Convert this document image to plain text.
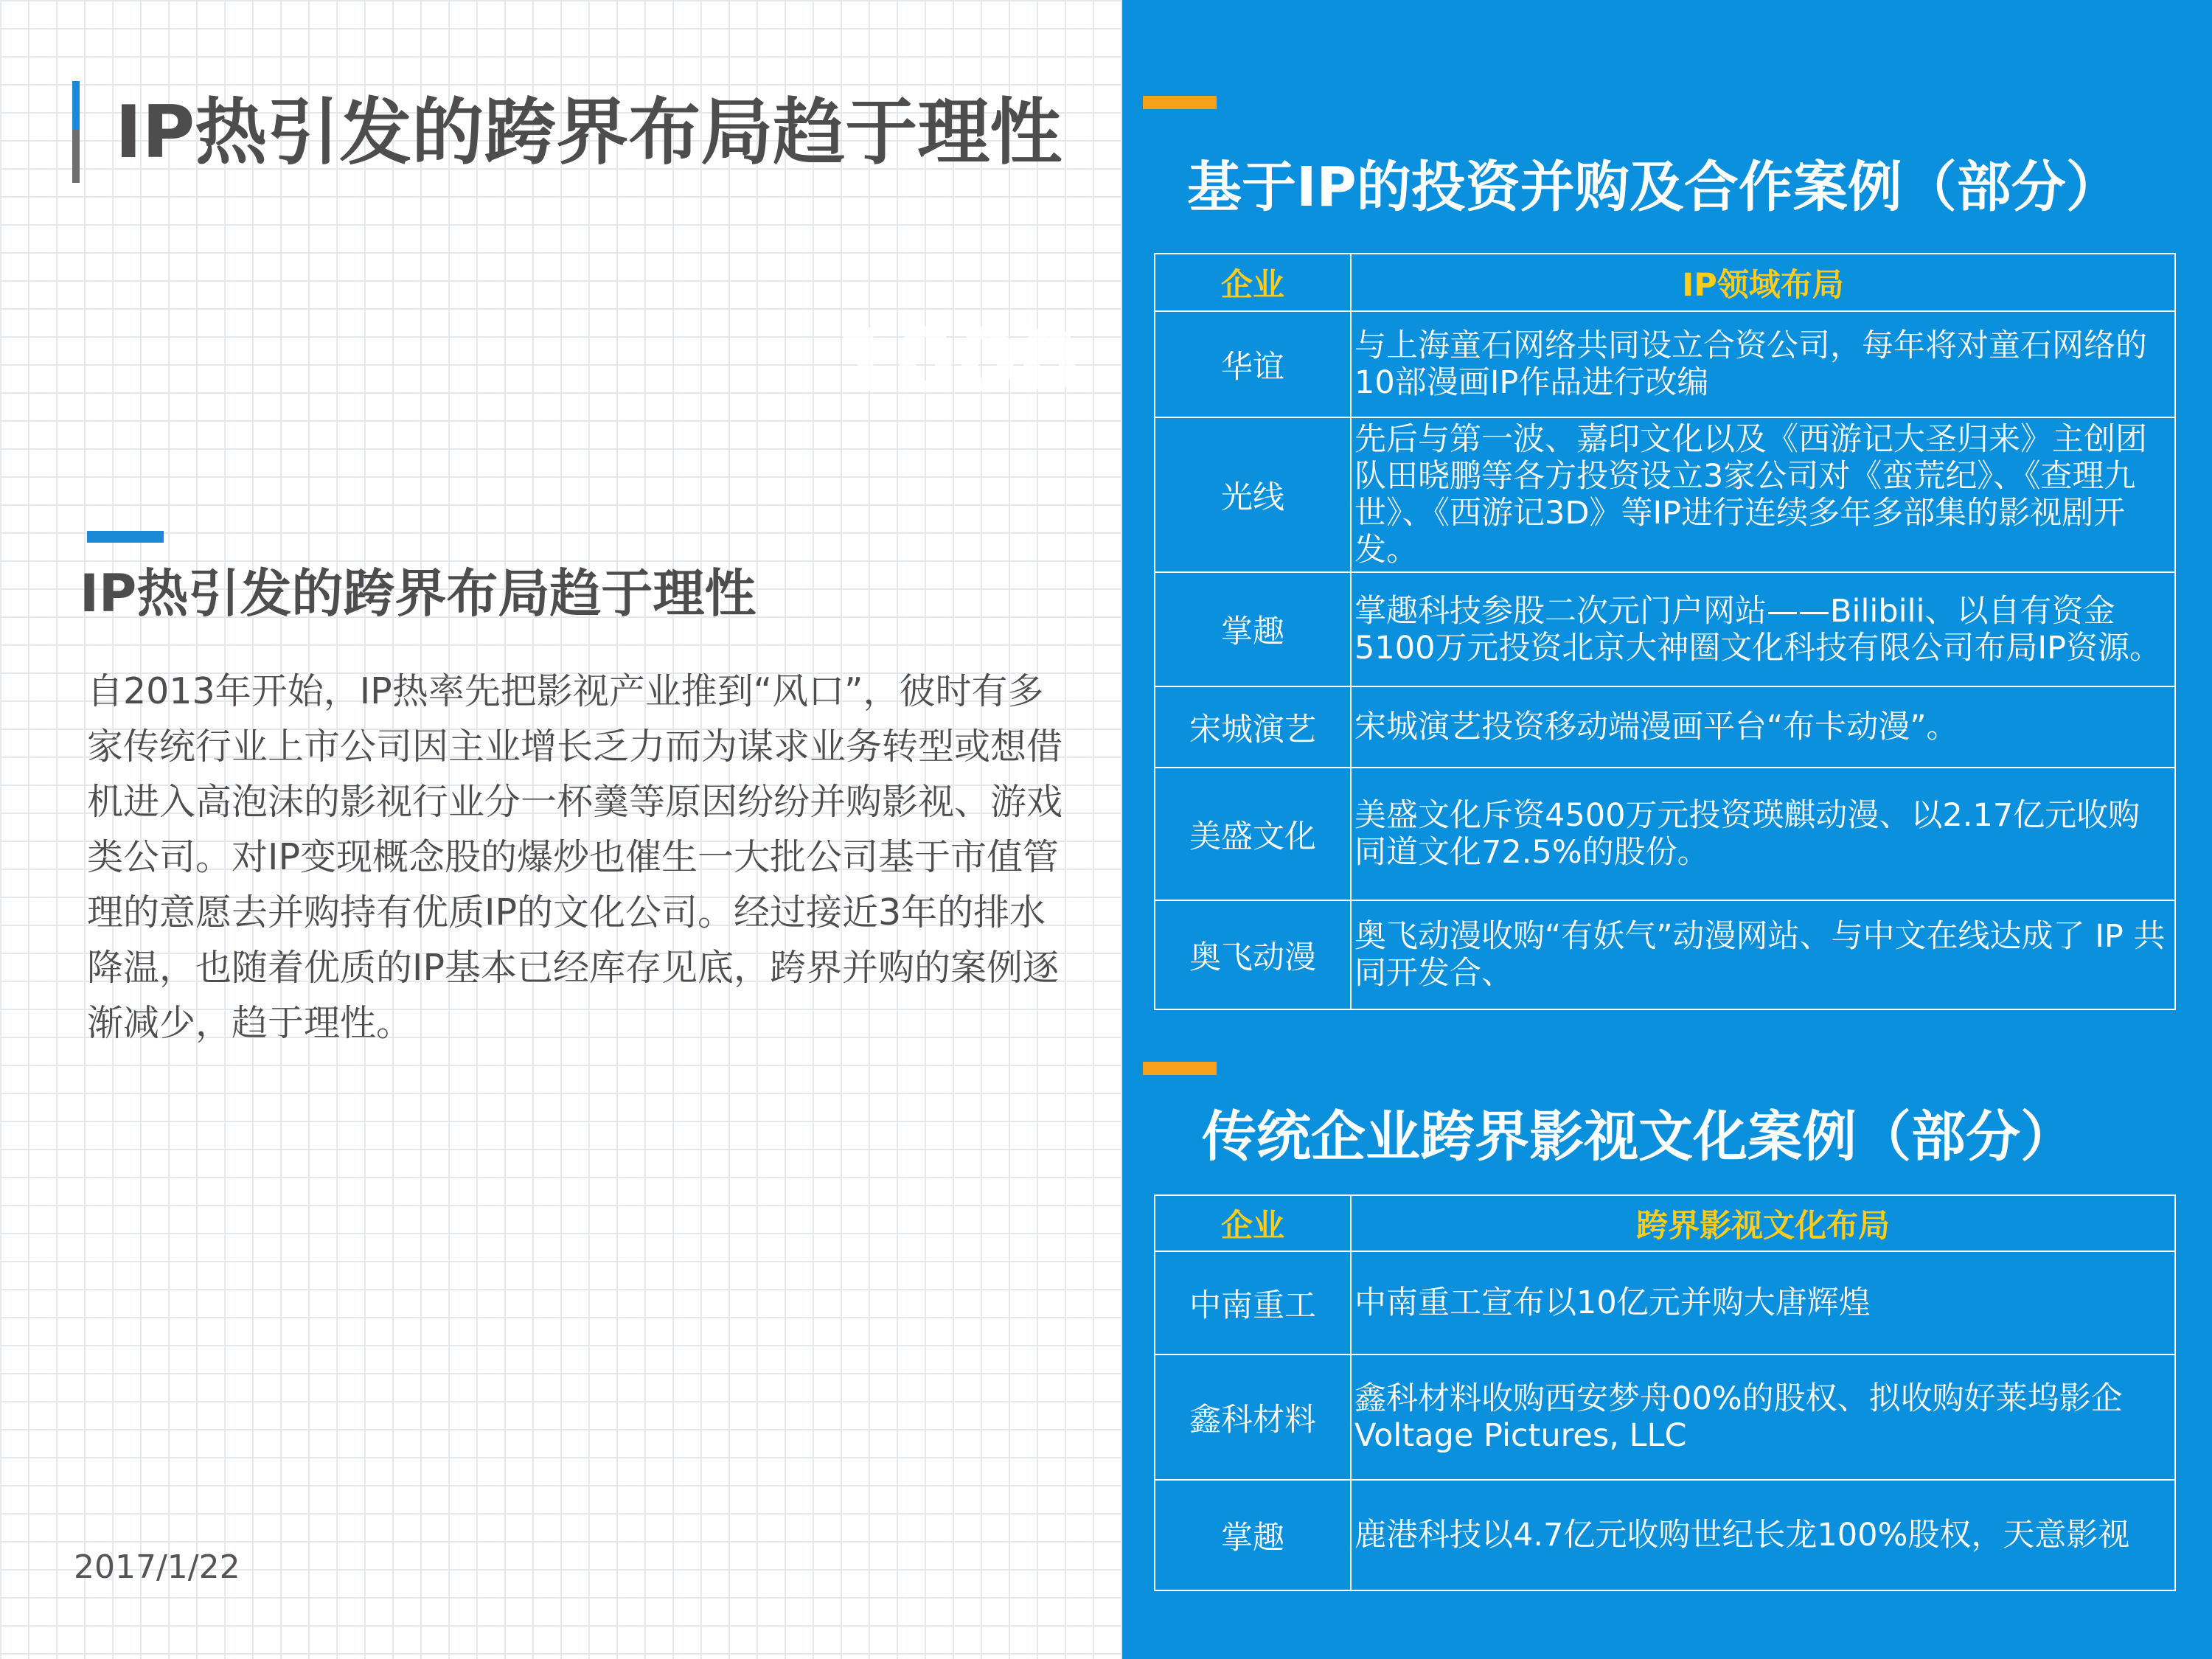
IP热引发的跨界布局趋于理性
1000
IP热引发的跨界布局趋于理性
自2013年开始，IP热率先把影视产业推到“风口”，彼时有多家传统行业上市公司因主业增长乏力而为谋求业务转型或想借机进入高泡沫的影视行业分一杯羹等原因纷纷并购影视、游戏类公司。对IP变现概念股的爆炒也催生一大批公司基于市值管理的意愿去并购持有优质IP的文化公司。经过接近3年的排水降温，也随着优质的IP基本已经库存见底，跨界并购的案例逐渐减少，趋于理性。
2017/1/22
基于IP的投资并购及合作案例（部分）
企业	IP领域布局
华谊	与上海童石网络共同设立合资公司，每年将对童石网络的10部漫画IP作品进行改编
光线	先后与第一波、嘉印文化以及《西游记大圣归来》主创团队田晓鹏等各方投资设立3家公司对《蛮荒纪》、《查理九世》、《西游记3D》等IP进行连续多年多部集的影视剧开发。
掌趣	掌趣科技参股二次元门户网站——Bilibili、以自有资金5100万元投资北京大神圈文化科技有限公司布局IP资源。
宋城演艺	宋城演艺投资移动端漫画平台“布卡动漫”。
美盛文化	美盛文化斥资4500万元投资瑛麒动漫、以2.17亿元收购同道文化72.5%的股份。
奥飞动漫	奥飞动漫收购“有妖气”动漫网站、与中文在线达成了 IP 共同开发合、
传统企业跨界影视文化案例（部分）
企业	跨界影视文化布局
中南重工	中南重工宣布以10亿元并购大唐辉煌
鑫科材料	鑫科材料收购西安梦舟00%的股权、拟收购好莱坞影企Voltage Pictures, LLC
掌趣	鹿港科技以4.7亿元收购世纪长龙100%股权，天意影视
